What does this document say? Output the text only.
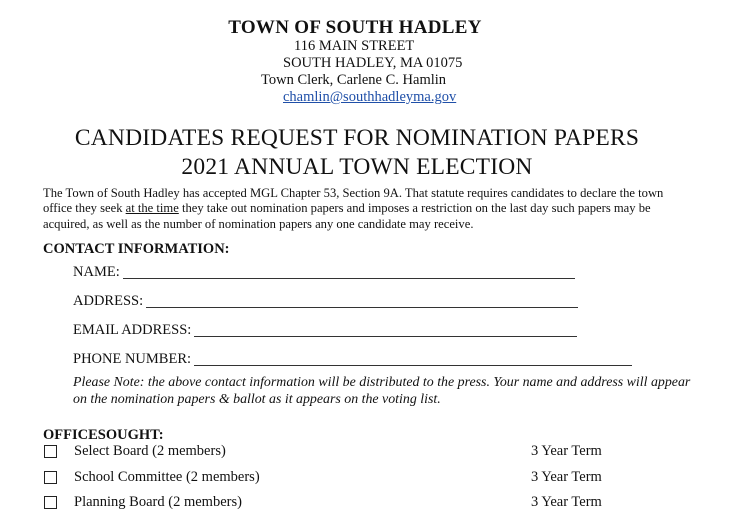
TOWN OF SOUTH HADLEY
116 MAIN STREET
SOUTH HADLEY, MA 01075
Town Clerk, Carlene C. Hamlin
chamlin@southhadleyma.gov
CANDIDATES REQUEST FOR NOMINATION PAPERS
2021 ANNUAL TOWN ELECTION
The Town of South Hadley has accepted MGL Chapter 53, Section 9A. That statute requires candidates to declare the town office they seek at the time they take out nomination papers and imposes a restriction on the last day such papers may be acquired, as well as the number of nomination papers any one candidate may receive.
CONTACT INFORMATION:
NAME:
ADDRESS:
EMAIL ADDRESS:
PHONE NUMBER:
Please Note: the above contact information will be distributed to the press. Your name and address will appear on the nomination papers & ballot as it appears on the voting list.
OFFICESOUGHT:
Select Board (2 members)	3 Year Term
School Committee (2 members)	3 Year Term
Planning Board (2 members)	3 Year Term
